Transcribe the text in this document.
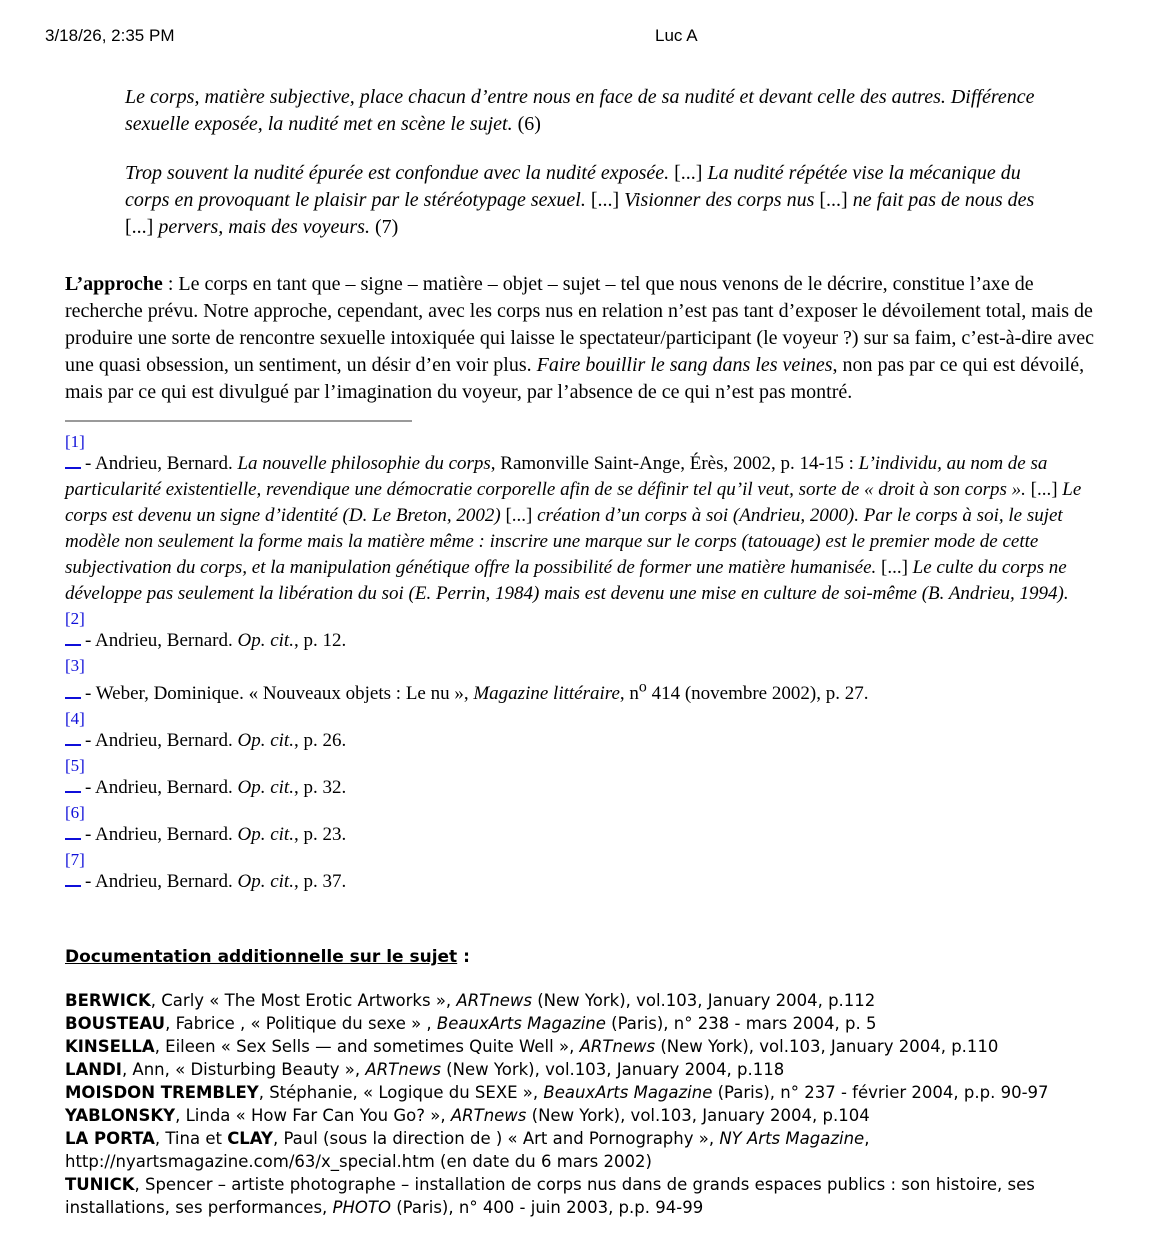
3/18/26, 2:35 PM	Luc A
Le corps, matière subjective, place chacun d’entre nous en face de sa nudité et devant celle des autres. Différence sexuelle exposée, la nudité met en scène le sujet. (6)
Trop souvent la nudité épurée est confondue avec la nudité exposée. [...] La nudité répétée vise la mécanique du corps en provoquant le plaisir par le stéréotypage sexuel. [...] Visionner des corps nus [...] ne fait pas de nous des [...] pervers, mais des voyeurs. (7)

L’approche : Le corps en tant que – signe – matière – objet – sujet – tel que nous venons de le décrire, constitue l’axe de recherche prévu. Notre approche, cependant, avec les corps nus en relation n’est pas tant d’exposer le dévoilement total, mais de produire une sorte de rencontre sexuelle intoxiquée qui laisse le spectateur/participant (le voyeur ?) sur sa faim, c’est-à-dire avec une quasi obsession, un sentiment, un désir d’en voir plus. Faire bouillir le sang dans les veines, non pas par ce qui est dévoilé, mais par ce qui est divulgué par l’imagination du voyeur, par l’absence de ce qui n’est pas montré.

[1]
- Andrieu, Bernard. La nouvelle philosophie du corps, Ramonville Saint-Ange, Érès, 2002, p. 14-15 : L’individu, au nom de sa particularité existentielle, revendique une démocratie corporelle afin de se définir tel qu’il veut, sorte de « droit à son corps ». [...] Le corps est devenu un signe d’identité (D. Le Breton, 2002) [...] création d’un corps à soi (Andrieu, 2000). Par le corps à soi, le sujet modèle non seulement la forme mais la matière même : inscrire une marque sur le corps (tatouage) est le premier mode de cette subjectivation du corps, et la manipulation génétique offre la possibilité de former une matière humanisée. [...] Le culte du corps ne développe pas seulement la libération du soi (E. Perrin, 1984) mais est devenu une mise en culture de soi-même (B. Andrieu, 1994).
[2]
- Andrieu, Bernard. Op. cit., p. 12.
[3]
- Weber, Dominique. « Nouveaux objets : Le nu », Magazine littéraire, $n^o$ 414 (novembre 2002), p. 27.
[4]
- Andrieu, Bernard. Op. cit., p. 26.
[5]
- Andrieu, Bernard. Op. cit., p. 32.
[6]
- Andrieu, Bernard. Op. cit., p. 23.
[7]
- Andrieu, Bernard. Op. cit., p. 37.
Documentation additionnelle sur le sujet :
BERWICK, Carly « The Most Erotic Artworks », ARTnews (New York), vol.103, January 2004, p.112
BOUSTEAU, Fabrice , « Politique du sexe » , BeauxArts Magazine (Paris), n° 238 - mars 2004, p. 5
KINSELLA, Eileen « Sex Sells — and sometimes Quite Well », ARTnews (New York), vol.103, January 2004, p.110
LANDI, Ann, « Disturbing Beauty », ARTnews (New York), vol.103, January 2004, p.118
MOISDON TREMBLEY, Stéphanie, « Logique du SEXE », BeauxArts Magazine (Paris), n° 237 - février 2004, p.p. 90-97
YABLONSKY, Linda « How Far Can You Go? », ARTnews (New York), vol.103, January 2004, p.104
LA PORTA, Tina et CLAY, Paul (sous la direction de ) « Art and Pornography », NY Arts Magazine, http://nyartsmagazine.com/63/x_special.htm (en date du 6 mars 2002)
TUNICK, Spencer – artiste photographe – installation de corps nus dans de grands espaces publics : son histoire, ses installations, ses performances, PHOTO (Paris), n° 400 - juin 2003, p.p. 94-99
